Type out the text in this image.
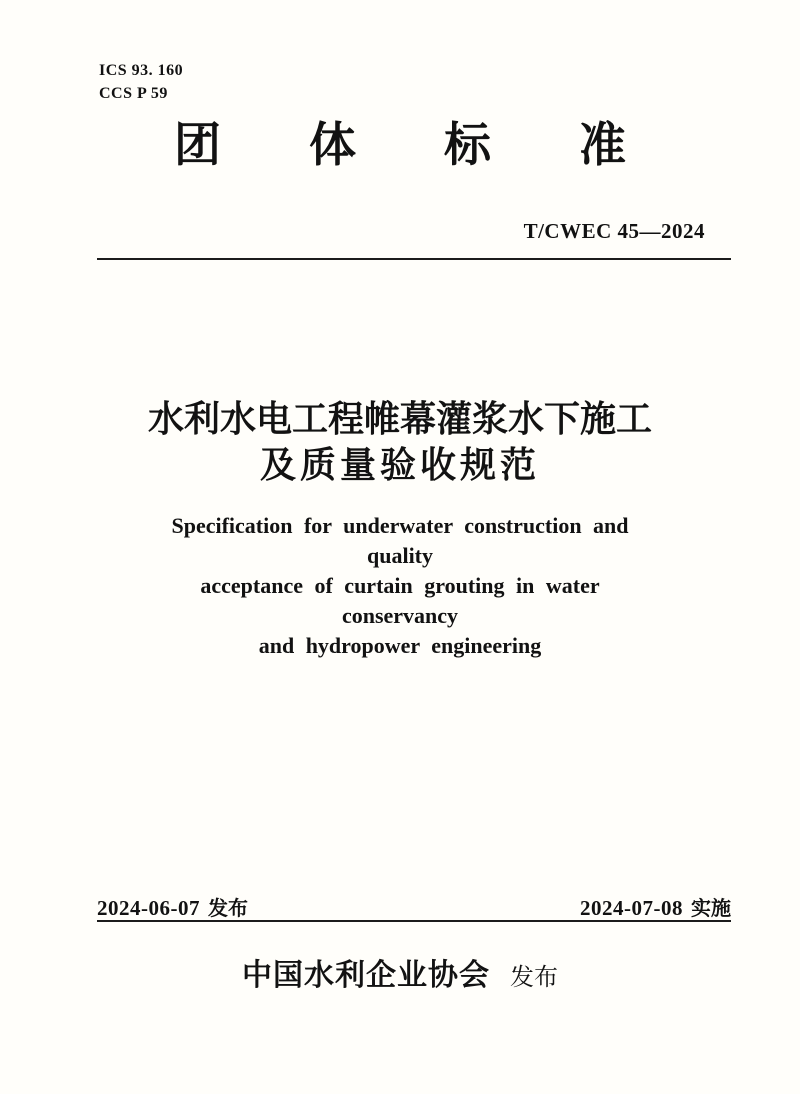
ICS 93. 160
CCS P 59
团 体 标 准
T/CWEC 45—2024
水利水电工程帷幕灌浆水下施工
及质量验收规范
Specification for underwater construction and quality
acceptance of curtain grouting in water conservancy
and hydropower engineering
2024-06-07 发布	2024-07-08 实施
中国水利企业协会 发布
